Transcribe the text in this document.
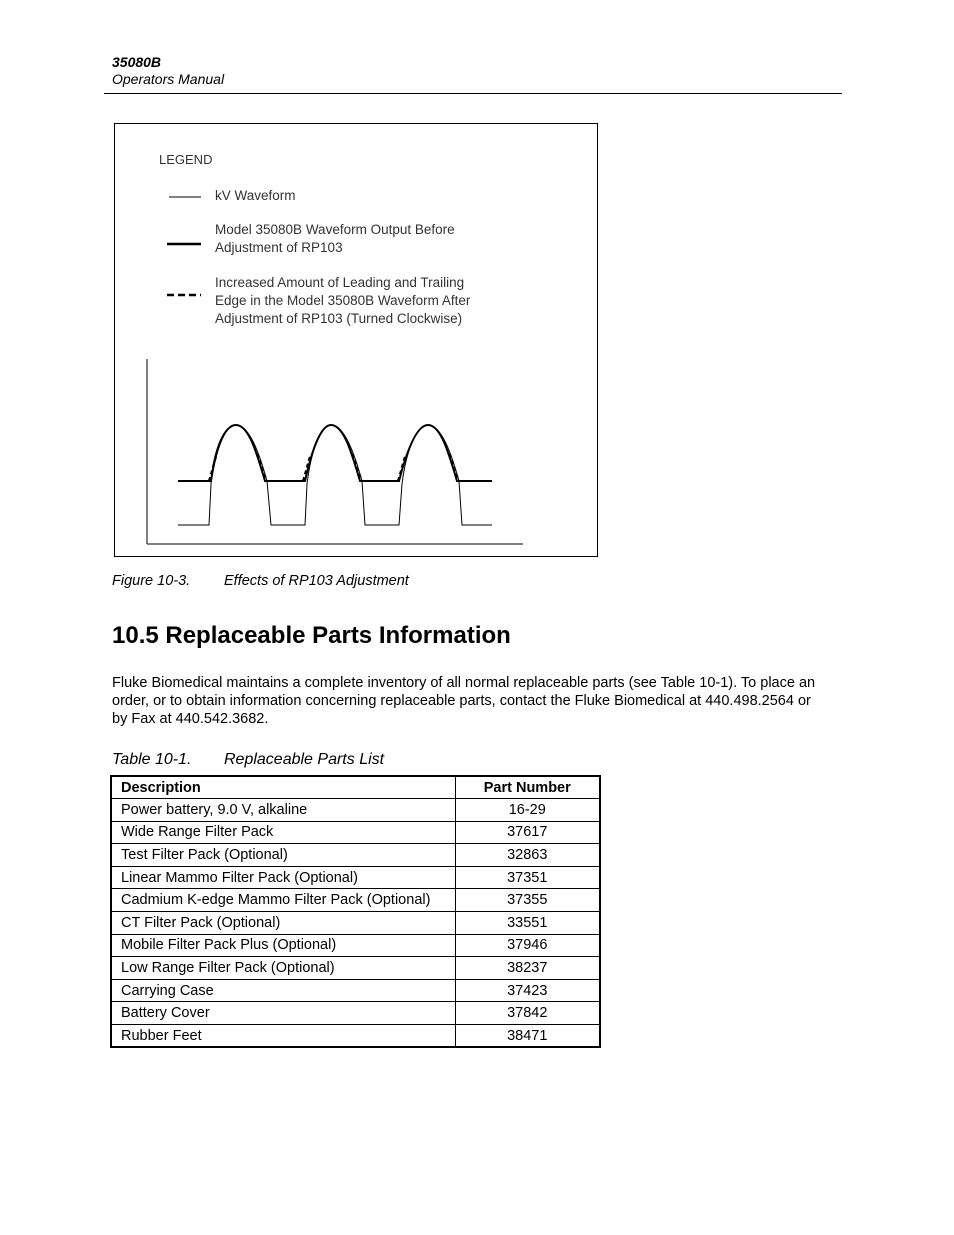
35080B
Operators Manual
LEGEND
kV Waveform
Model 35080B Waveform Output Before Adjustment of RP103
Increased Amount of Leading and Trailing Edge in the Model 35080B Waveform After Adjustment of RP103 (Turned Clockwise)
Figure 10-3. Effects of RP103 Adjustment
10.5 Replaceable Parts Information
Fluke Biomedical maintains a complete inventory of all normal replaceable parts (see Table 10-1). To place an order, or to obtain information concerning replaceable parts, contact the Fluke Biomedical at 440.498.2564 or by Fax at 440.542.3682.
Table 10-1. Replaceable Parts List
Description	Part Number
Power battery, 9.0 V, alkaline	16-29
Wide Range Filter Pack	37617
Test Filter Pack (Optional)	32863
Linear Mammo Filter Pack (Optional)	37351
Cadmium K-edge Mammo Filter Pack (Optional)	37355
CT Filter Pack (Optional)	33551
Mobile Filter Pack Plus (Optional)	37946
Low Range Filter Pack (Optional)	38237
Carrying Case	37423
Battery Cover	37842
Rubber Feet	38471
